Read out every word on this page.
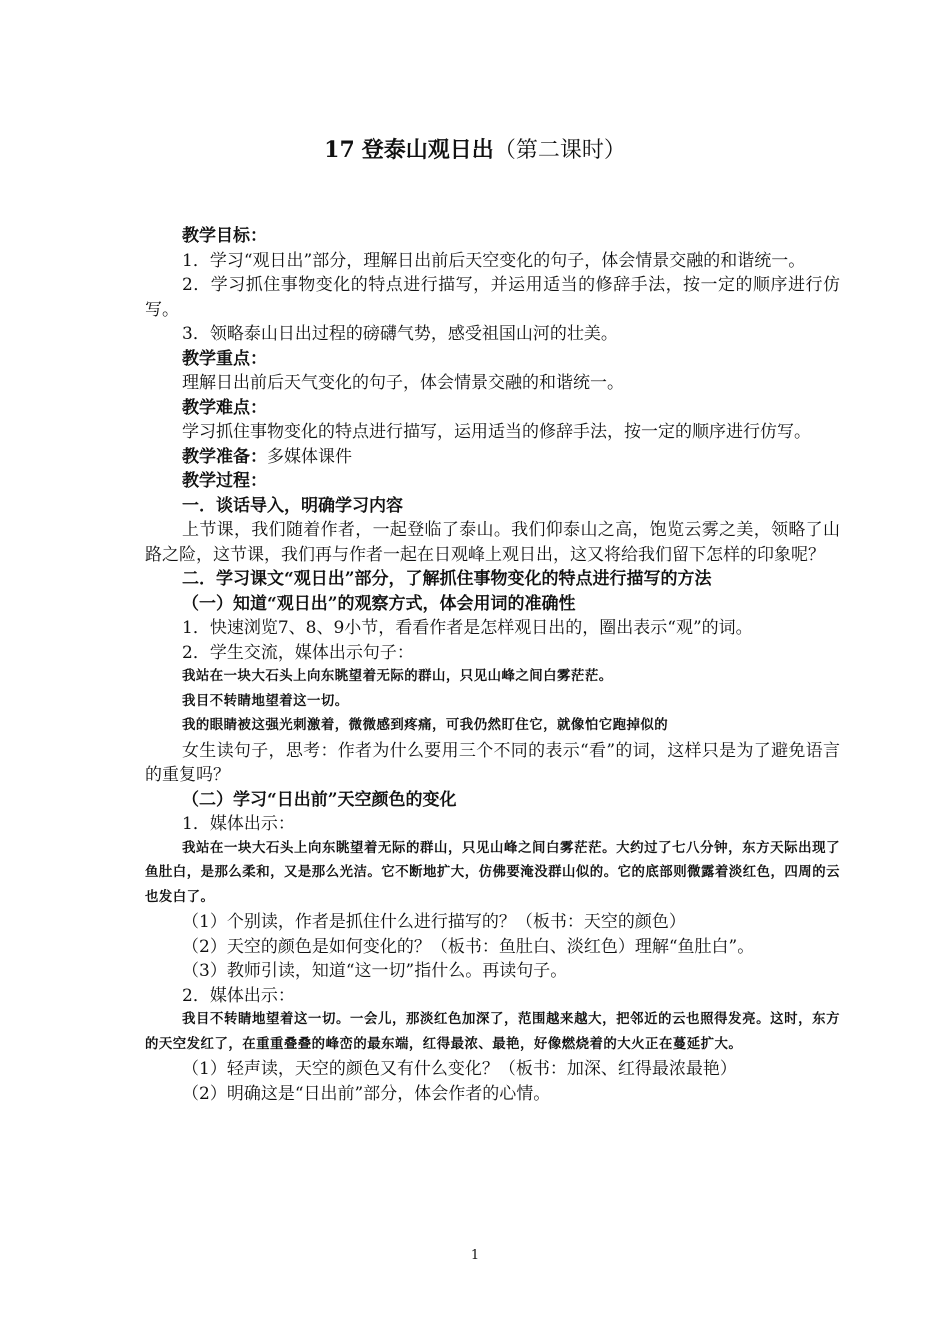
17 登泰山观日出（第二课时）

教学目标：

1．学习“观日出”部分，理解日出前后天空变化的句子，体会情景交融的和谐统一。

2．学习抓住事物变化的特点进行描写，并运用适当的修辞手法，按一定的顺序进行仿写。

3．领略泰山日出过程的磅礴气势，感受祖国山河的壮美。

教学重点：

理解日出前后天气变化的句子，体会情景交融的和谐统一。

教学难点：

学习抓住事物变化的特点进行描写，运用适当的修辞手法，按一定的顺序进行仿写。

教学准备：多媒体课件

教学过程：

一．谈话导入，明确学习内容

上节课，我们随着作者，一起登临了泰山。我们仰泰山之高，饱览云雾之美，领略了山路之险，这节课，我们再与作者一起在日观峰上观日出，这又将给我们留下怎样的印象呢？

二．学习课文“观日出”部分，了解抓住事物变化的特点进行描写的方法

（一）知道“观日出”的观察方式，体会用词的准确性

1．快速浏览7、8、9小节，看看作者是怎样观日出的，圈出表示“观”的词。

2．学生交流，媒体出示句子：

我站在一块大石头上向东眺望着无际的群山，只见山峰之间白雾茫茫。

我目不转睛地望着这一切。

我的眼睛被这强光刺激着，微微感到疼痛，可我仍然盯住它，就像怕它跑掉似的

女生读句子，思考：作者为什么要用三个不同的表示“看”的词，这样只是为了避免语言的重复吗？

（二）学习“日出前”天空颜色的变化

1．媒体出示：

我站在一块大石头上向东眺望着无际的群山，只见山峰之间白雾茫茫。大约过了七八分钟，东方天际出现了鱼肚白，是那么柔和，又是那么光洁。它不断地扩大，仿佛要淹没群山似的。它的底部则微露着淡红色，四周的云也发白了。

（1）个别读，作者是抓住什么进行描写的？（板书：天空的颜色）

（2）天空的颜色是如何变化的？（板书：鱼肚白、淡红色）理解“鱼肚白”。

（3）教师引读，知道“这一切”指什么。再读句子。

2．媒体出示：

我目不转睛地望着这一切。一会儿，那淡红色加深了，范围越来越大，把邻近的云也照得发亮。这时，东方的天空发红了，在重重叠叠的峰峦的最东端，红得最浓、最艳，好像燃烧着的大火正在蔓延扩大。

（1）轻声读，天空的颜色又有什么变化？（板书：加深、红得最浓最艳）

（2）明确这是“日出前”部分，体会作者的心情。

1
